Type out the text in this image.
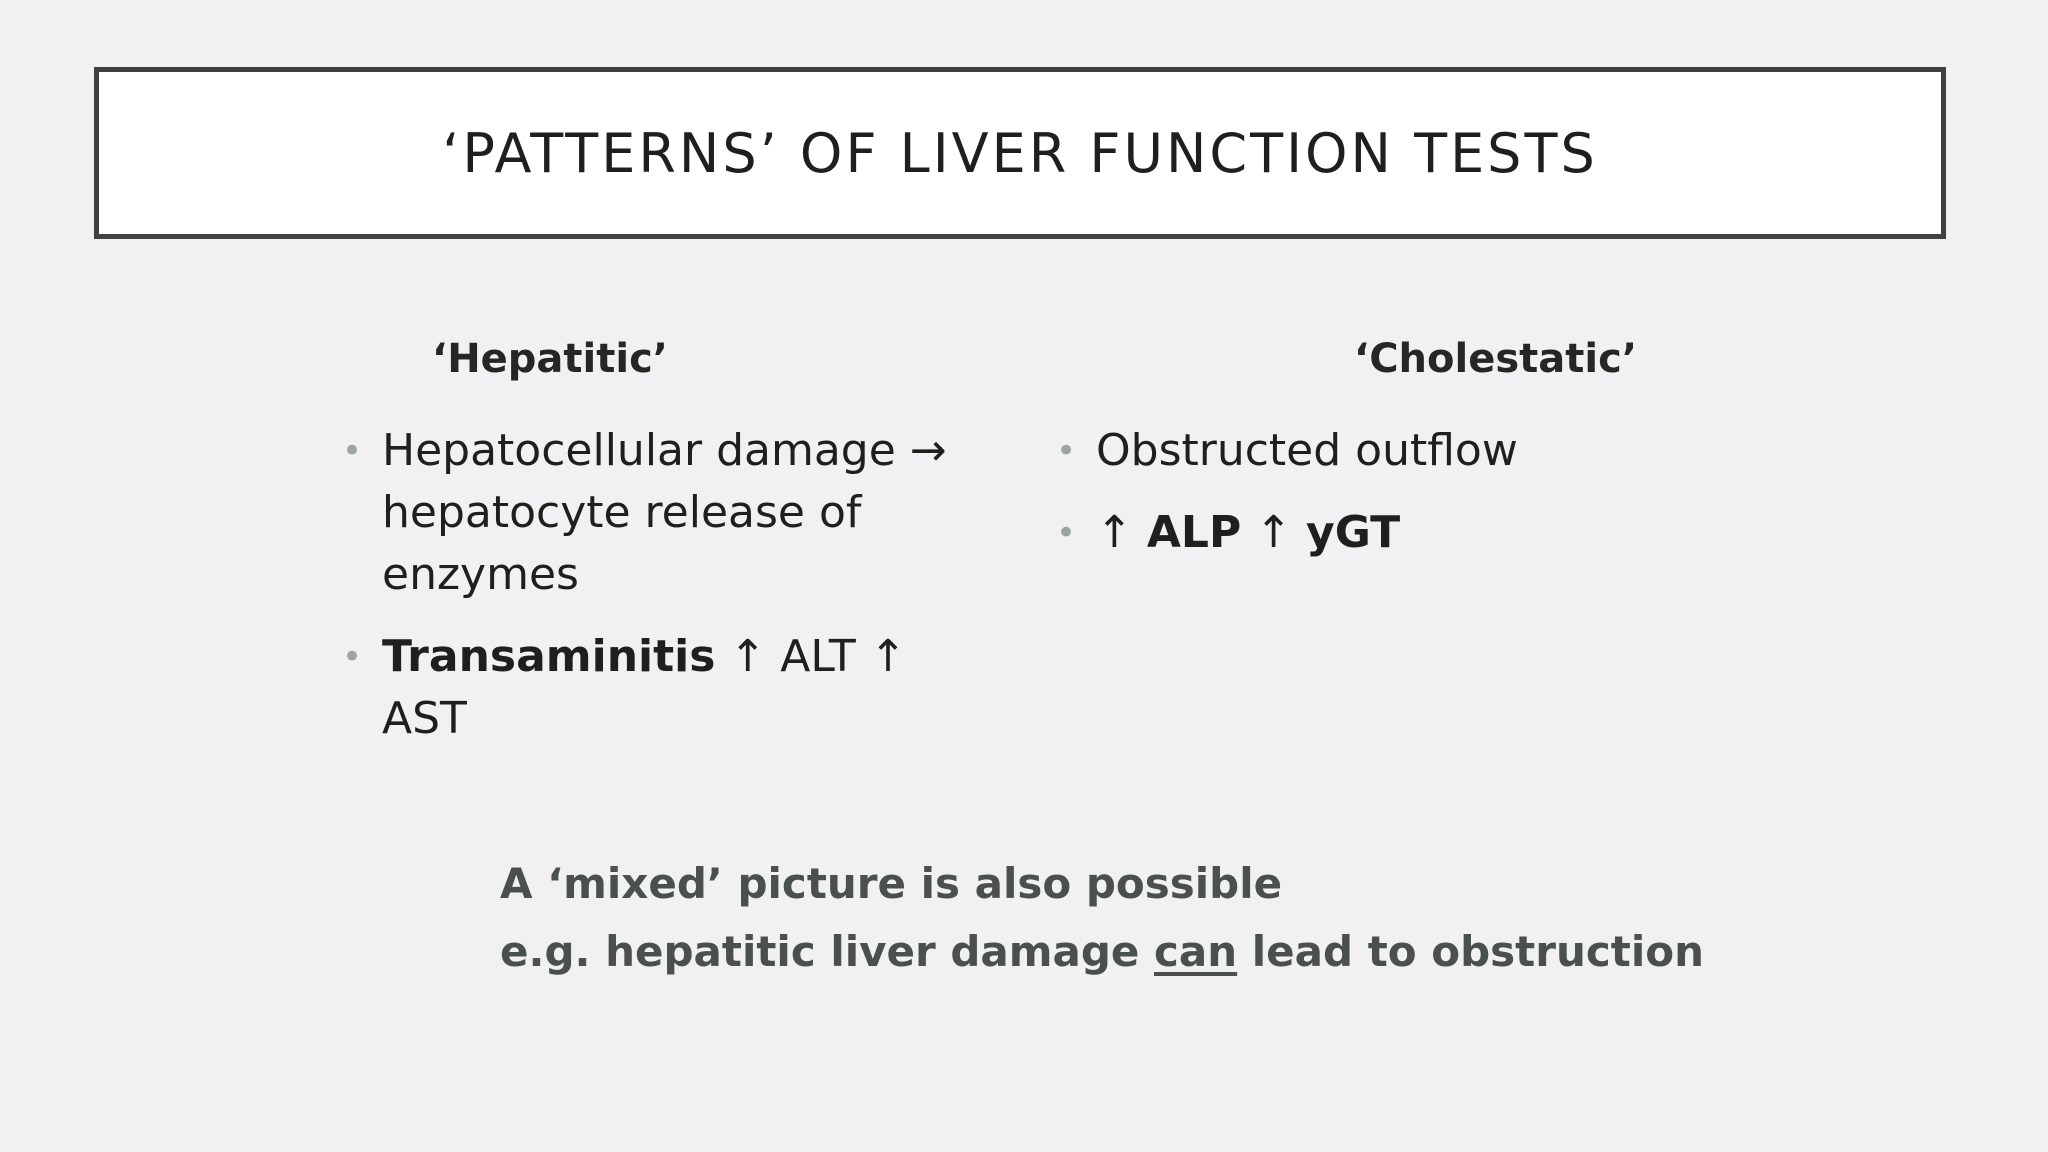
‘PATTERNS’ OF LIVER FUNCTION TESTS
‘Hepatitic’
• Hepatocellular damage →
hepatocyte release of
enzymes
• Transaminitis ↑ ALT ↑ AST
‘Cholestatic’
• Obstructed outflow
• ↑ ALP ↑ yGT
A ‘mixed’ picture is also possible
e.g. hepatitic liver damage can lead to obstruction
